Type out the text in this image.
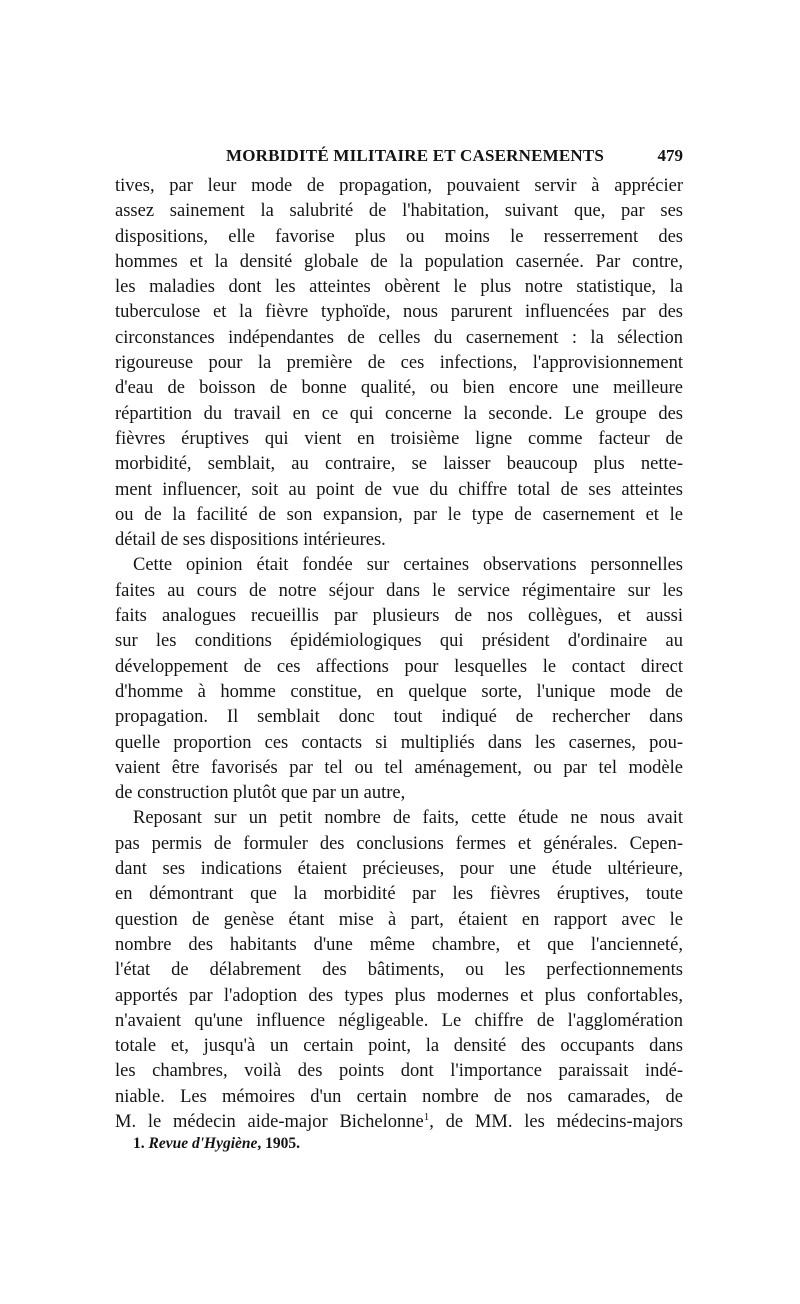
MORBIDITÉ MILITAIRE ET CASERNEMENTS	479
tives, par leur mode de propagation, pouvaient servir à apprécier
assez sainement la salubrité de l'habitation, suivant que, par ses
dispositions, elle favorise plus ou moins le resserrement des
hommes et la densité globale de la population casernée. Par contre,
les maladies dont les atteintes obèrent le plus notre statistique, la
tuberculose et la fièvre typhoïde, nous parurent influencées par des
circonstances indépendantes de celles du casernement : la sélection
rigoureuse pour la première de ces infections, l'approvisionnement
d'eau de boisson de bonne qualité, ou bien encore une meilleure
répartition du travail en ce qui concerne la seconde. Le groupe des
fièvres éruptives qui vient en troisième ligne comme facteur de
morbidité, semblait, au contraire, se laisser beaucoup plus nette-
ment influencer, soit au point de vue du chiffre total de ses atteintes
ou de la facilité de son expansion, par le type de casernement et le
détail de ses dispositions intérieures.
Cette opinion était fondée sur certaines observations personnelles
faites au cours de notre séjour dans le service régimentaire sur les
faits analogues recueillis par plusieurs de nos collègues, et aussi
sur les conditions épidémiologiques qui président d'ordinaire au
développement de ces affections pour lesquelles le contact direct
d'homme à homme constitue, en quelque sorte, l'unique mode de
propagation. Il semblait donc tout indiqué de rechercher dans
quelle proportion ces contacts si multipliés dans les casernes, pou-
vaient être favorisés par tel ou tel aménagement, ou par tel modèle
de construction plutôt que par un autre,
Reposant sur un petit nombre de faits, cette étude ne nous avait
pas permis de formuler des conclusions fermes et générales. Cepen-
dant ses indications étaient précieuses, pour une étude ultérieure,
en démontrant que la morbidité par les fièvres éruptives, toute
question de genèse étant mise à part, étaient en rapport avec le
nombre des habitants d'une même chambre, et que l'ancienneté,
l'état de délabrement des bâtiments, ou les perfectionnements
apportés par l'adoption des types plus modernes et plus confortables,
n'avaient qu'une influence négligeable. Le chiffre de l'agglomération
totale et, jusqu'à un certain point, la densité des occupants dans
les chambres, voilà des points dont l'importance paraissait indé-
niable. Les mémoires d'un certain nombre de nos camarades, de
M. le médecin aide-major Bichelonne$^1$, de MM. les médecins-majors
1. Revue d'Hygiène, 1905.
